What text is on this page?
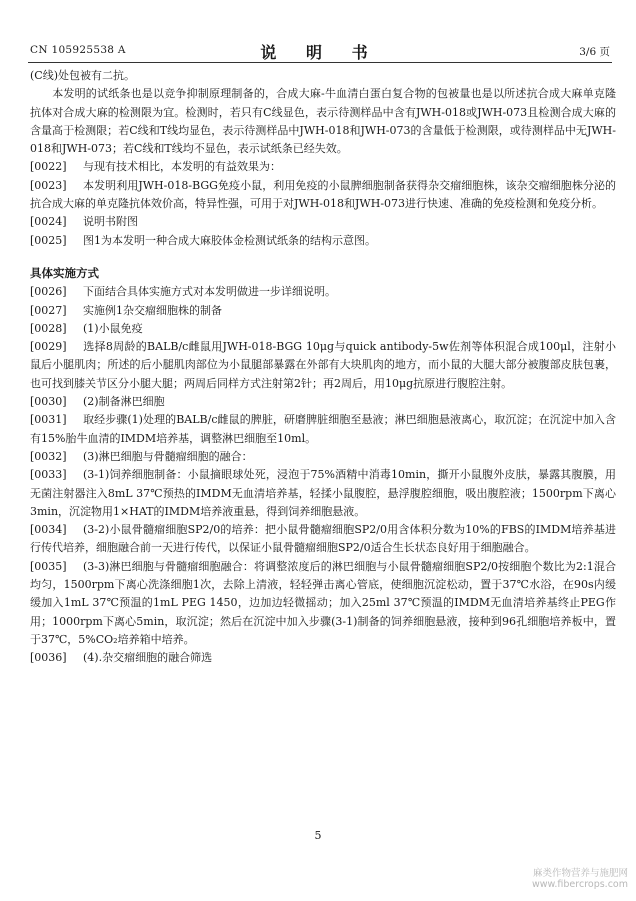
CN 105925538 A	说 明 书	3/6 页

(C线)处包被有二抗。

本发明的试纸条也是以竞争抑制原理制备的，合成大麻-牛血清白蛋白复合物的包被量也是以所述抗合成大麻单克隆抗体对合成大麻的检测限为宜。检测时，若只有C线显色，表示待测样品中含有JWH-018或JWH-073且检测合成大麻的含量高于检测限；若C线和T线均显色，表示待测样品中JWH-018和JWH-073的含量低于检测限，或待测样品中无JWH-018和JWH-073；若C线和T线均不显色，表示试纸条已经失效。

[0022] 与现有技术相比，本发明的有益效果为：

[0023] 本发明利用JWH-018-BGG免疫小鼠，利用免疫的小鼠脾细胞制备获得杂交瘤细胞株，该杂交瘤细胞株分泌的抗合成大麻的单克隆抗体效价高，特异性强，可用于对JWH-018和JWH-073进行快速、准确的免疫检测和免疫分析。

[0024] 说明书附图

[0025] 图1为本发明一种合成大麻胶体金检测试纸条的结构示意图。

具体实施方式

[0026] 下面结合具体实施方式对本发明做进一步详细说明。

[0027] 实施例1杂交瘤细胞株的制备

[0028] (1)小鼠免疫

[0029] 选择8周龄的BALB/c雌鼠用JWH-018-BGG 10μg与quick antibody-5w佐剂等体积混合成100μl，注射小鼠后小腿肌肉；所述的后小腿肌肉部位为小鼠腿部暴露在外部有大块肌肉的地方，而小鼠的大腿大部分被腹部皮肤包裹，也可找到膝关节区分小腿大腿；两周后同样方式注射第2针；再2周后，用10μg抗原进行腹腔注射。

[0030] (2)制备淋巴细胞

[0031] 取经步骤(1)处理的BALB/c雌鼠的脾脏，研磨脾脏细胞至悬液；淋巴细胞悬液离心，取沉淀；在沉淀中加入含有15%胎牛血清的IMDM培养基，调整淋巴细胞至10ml。

[0032] (3)淋巴细胞与骨髓瘤细胞的融合：

[0033] (3-1)饲养细胞制备：小鼠摘眼球处死，浸泡于75%酒精中消毒10min，撕开小鼠腹外皮肤，暴露其腹膜，用无菌注射器注入8mL 37℃预热的IMDM无血清培养基，轻揉小鼠腹腔，悬浮腹腔细胞，吸出腹腔液；1500rpm下离心3min，沉淀物用1×HAT的IMDM培养液重悬，得到饲养细胞悬液。

[0034] (3-2)小鼠骨髓瘤细胞SP2/0的培养：把小鼠骨髓瘤细胞SP2/0用含体积分数为10%的FBS的IMDM培养基进行传代培养，细胞融合前一天进行传代，以保证小鼠骨髓瘤细胞SP2/0适合生长状态良好用于细胞融合。

[0035] (3-3)淋巴细胞与骨髓瘤细胞融合：将调整浓度后的淋巴细胞与小鼠骨髓瘤细胞SP2/0按细胞个数比为2:1混合均匀，1500rpm下离心洗涤细胞1次，去除上清液，轻轻弹击离心管底，使细胞沉淀松动，置于37℃水浴，在90s内缓缓加入1mL 37℃预温的1mL PEG 1450，边加边轻微摇动；加入25ml 37℃预温的IMDM无血清培养基终止PEG作用；1000rpm下离心5min，取沉淀；然后在沉淀中加入步骤(3-1)制备的饲养细胞悬液，接种到96孔细胞培养板中，置于37℃，5%CO₂培养箱中培养。

[0036] (4).杂交瘤细胞的融合筛选

5
麻类作物营养与施肥网
www.fibercrops.com
